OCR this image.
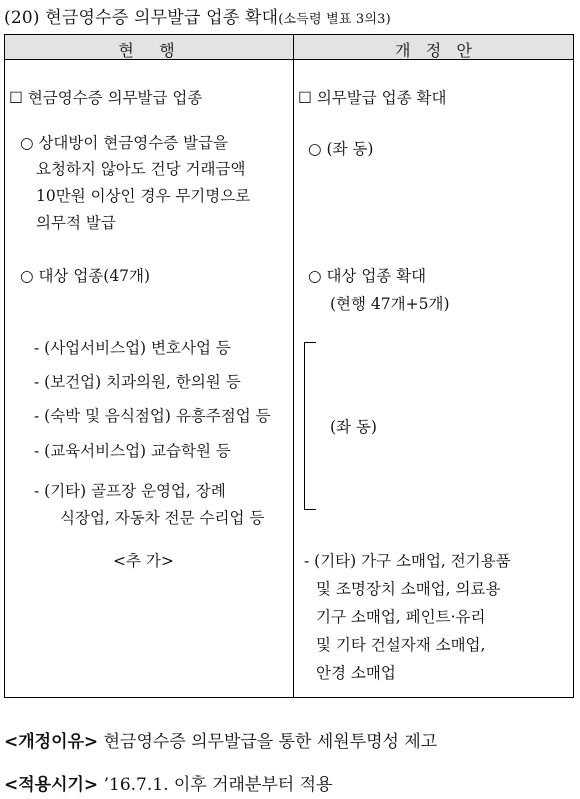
(20) 현금영수증 의무발급 업종 확대(소득령 별표 3의3)
현     행	개   정   안
☐ 현금영수증 의무발급 업종
○ 상대방이 현금영수증 발급을
요청하지 않아도 건당 거래금액
10만원 이상인 경우 무기명으로
의무적 발급
○ 대상 업종(47개)
- (사업서비스업) 변호사업 등
- (보건업) 치과의원, 한의원 등
- (숙박 및 음식점업) 유흥주점업 등
- (교육서비스업) 교습학원 등
- (기타) 골프장 운영업, 장례
식장업, 자동차 전문 수리업 등
<추 가>
☐ 의무발급 업종 확대
○ (좌 동)
○ 대상 업종 확대
(현행 47개+5개)
(좌 동)
- (기타) 가구 소매업, 전기용품
및 조명장치 소매업, 의료용
기구 소매업, 페인트·유리
및 기타 건설자재 소매업,
안경 소매업
<개정이유> 현금영수증 의무발급을 통한 세원투명성 제고
<적용시기> ’16.7.1. 이후 거래분부터 적용
